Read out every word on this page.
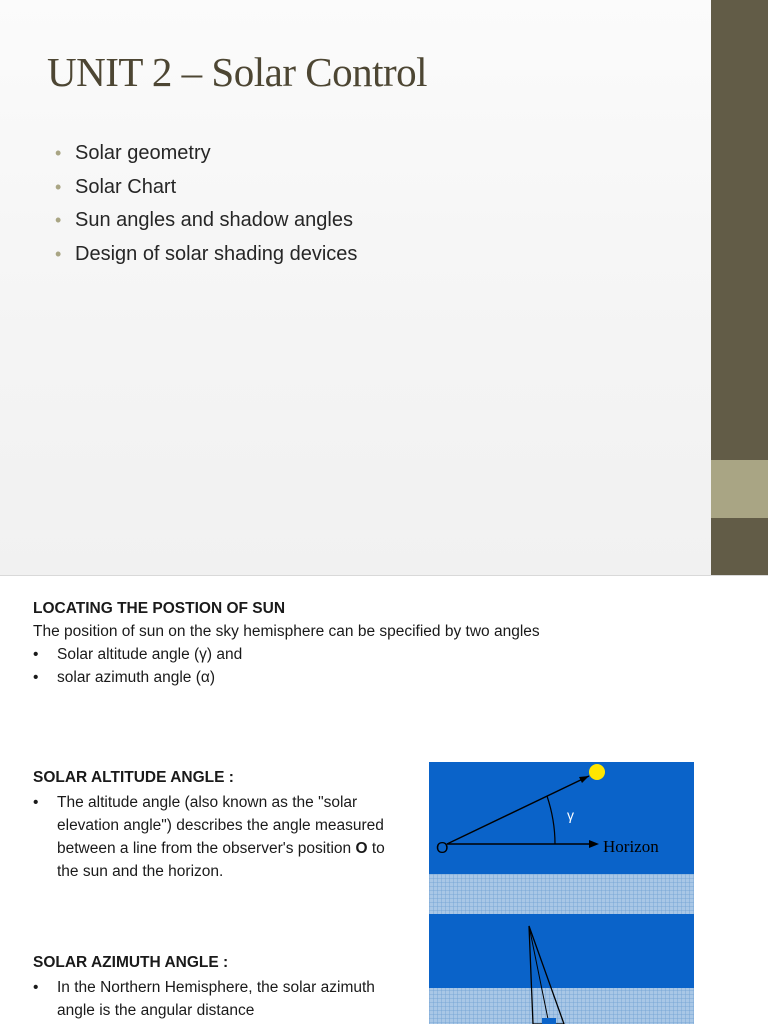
UNIT 2 – Solar Control
• Solar geometry
• Solar Chart
• Sun angles and shadow angles
• Design of solar shading devices
LOCATING THE POSTION OF SUN
The position of sun on the sky hemisphere can be specified by two angles
•	Solar altitude angle (γ) and
•	solar azimuth angle (α)
SOLAR ALTITUDE ANGLE :
•	The altitude angle (also known as the "solar elevation angle") describes the angle measured between a line from the observer's position O to the sun and the horizon.
SOLAR AZIMUTH ANGLE :
•	In the Northern Hemisphere, the solar azimuth angle is the angular distance
γ
O	Horizon
